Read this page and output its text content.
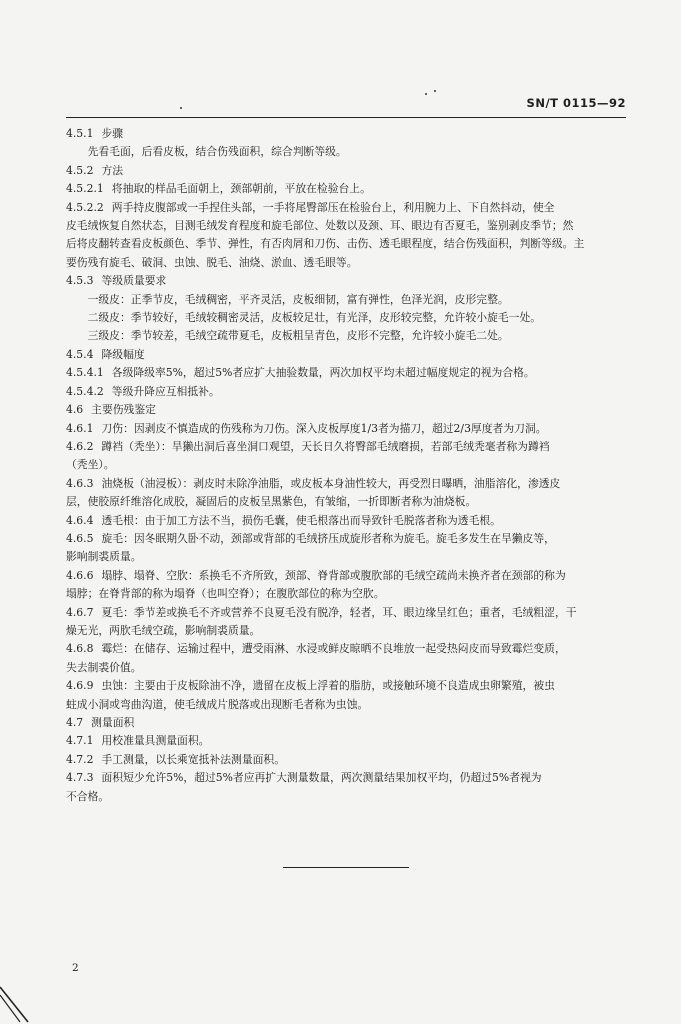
SN/T 0115—92

4.5.1 步骤

先看毛面，后看皮板，结合伤残面积，综合判断等级。

4.5.2 方法

4.5.2.1 将抽取的样品毛面朝上，颈部朝前，平放在检验台上。

4.5.2.2 两手持皮腹部或一手捏住头部，一手将尾臀部压在检验台上，利用腕力上、下自然抖动，使全

皮毛绒恢复自然状态，目测毛绒发育程度和旋毛部位、处数以及颈、耳、眼边有否夏毛，鉴别剥皮季节；然

后将皮翻转查看皮板颜色、季节、弹性，有否肉屑和刀伤、击伤、透毛眼程度，结合伤残面积，判断等级。主

要伤残有旋毛、破洞、虫蚀、脱毛、油烧、淤血、透毛眼等。

4.5.3 等级质量要求

一级皮：正季节皮，毛绒稠密，平齐灵活，皮板细韧，富有弹性，色泽光润，皮形完整。

二级皮：季节较好，毛绒较稠密灵活，皮板较足壮，有光泽，皮形较完整，允许较小旋毛一处。

三级皮：季节较差，毛绒空疏带夏毛，皮板粗呈青色，皮形不完整，允许较小旋毛二处。

4.5.4 降级幅度

4.5.4.1 各级降级率5%，超过5%者应扩大抽验数量，两次加权平均未超过幅度规定的视为合格。

4.5.4.2 等级升降应互相抵补。

4.6 主要伤残鉴定

4.6.1 刀伤：因剥皮不慎造成的伤残称为刀伤。深入皮板厚度1/3者为描刀，超过2/3厚度者为刀洞。

4.6.2 蹲裆（秃坐）：旱獭出洞后喜坐洞口观望，天长日久将臀部毛绒磨损，若部毛绒秃毫者称为蹲裆

（秃坐）。

4.6.3 油烧板（油浸板）：剥皮时未除净油脂，或皮板本身油性较大，再受烈日曝晒，油脂溶化，渗透皮

层，使胶原纤维溶化成胶，凝固后的皮板呈黑紫色，有皱缩，一折即断者称为油烧板。

4.6.4 透毛根：由于加工方法不当，损伤毛囊，使毛根落出而导致针毛脱落者称为透毛根。

4.6.5 旋毛：因冬眠期久卧不动，颈部或背部的毛绒挤压成旋形者称为旋毛。旋毛多发生在旱獭皮等，

影响制裘质量。

4.6.6 塌脖、塌脊、空肷：系换毛不齐所致，颈部、脊背部或腹肷部的毛绒空疏尚未换齐者在颈部的称为

塌脖；在脊背部的称为塌脊（也叫空脊）；在腹肷部位的称为空肷。

4.6.7 夏毛：季节差或换毛不齐或营养不良夏毛没有脱净，轻者，耳、眼边缘呈红色；重者，毛绒粗涩，干

燥无光，两肷毛绒空疏，影响制裘质量。

4.6.8 霉烂：在储存、运输过程中，遭受雨淋、水浸或鲜皮晾晒不良堆放一起受热闷皮而导致霉烂变质，

失去制裘价值。

4.6.9 虫蚀：主要由于皮板除油不净，遗留在皮板上浮着的脂肪，或接触环境不良造成虫卵繁殖，被虫

蛀成小洞或弯曲沟道，使毛绒成片脱落或出现断毛者称为虫蚀。

4.7 测量面积

4.7.1 用校准量具测量面积。

4.7.2 手工测量，以长乘宽抵补法测量面积。

4.7.3 面积短少允许5%，超过5%者应再扩大测量数量，两次测量结果加权平均，仍超过5%者视为

不合格。

2
